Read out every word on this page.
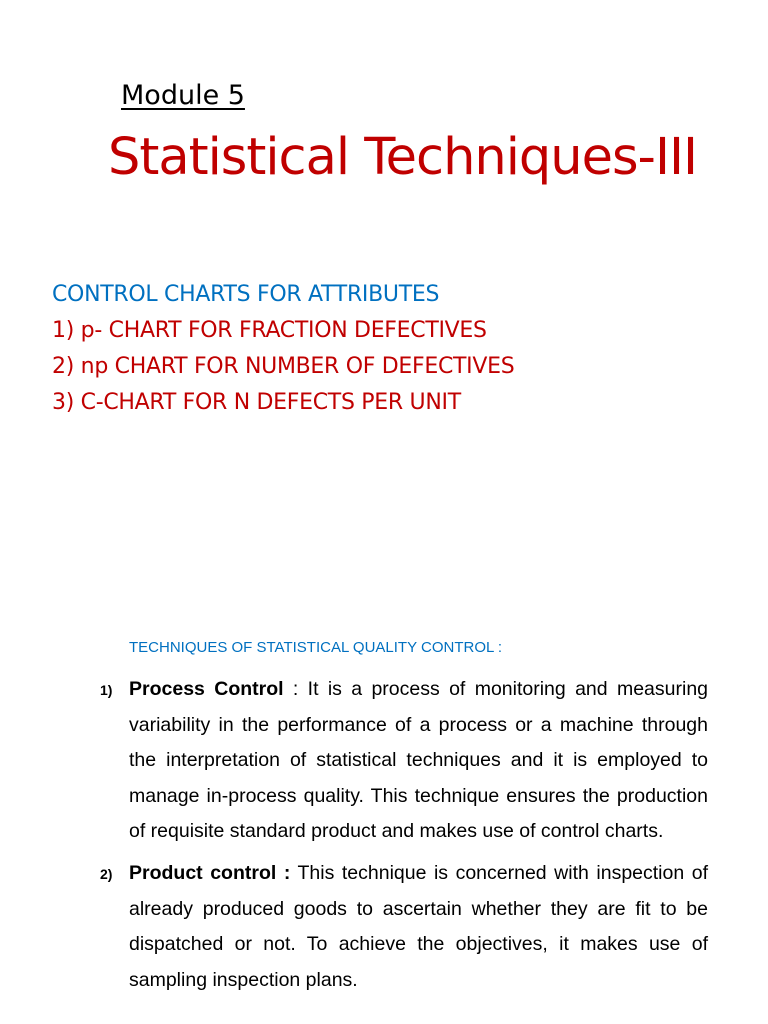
Module 5
Statistical Techniques-III
CONTROL CHARTS FOR ATTRIBUTES
1) p- CHART FOR FRACTION DEFECTIVES
2) np CHART FOR NUMBER OF DEFECTIVES
3) C-CHART FOR N DEFECTS PER UNIT
TECHNIQUES OF STATISTICAL QUALITY CONTROL :
1) Process Control : It is a process of monitoring and measuring variability in the performance of a process or a machine through the interpretation of statistical techniques and it is employed to manage in-process quality. This technique ensures the production of requisite standard product and makes use of control charts.
2) Product control : This technique is concerned with inspection of already produced goods to ascertain whether they are fit to be dispatched or not. To achieve the objectives, it makes use of sampling inspection plans.
